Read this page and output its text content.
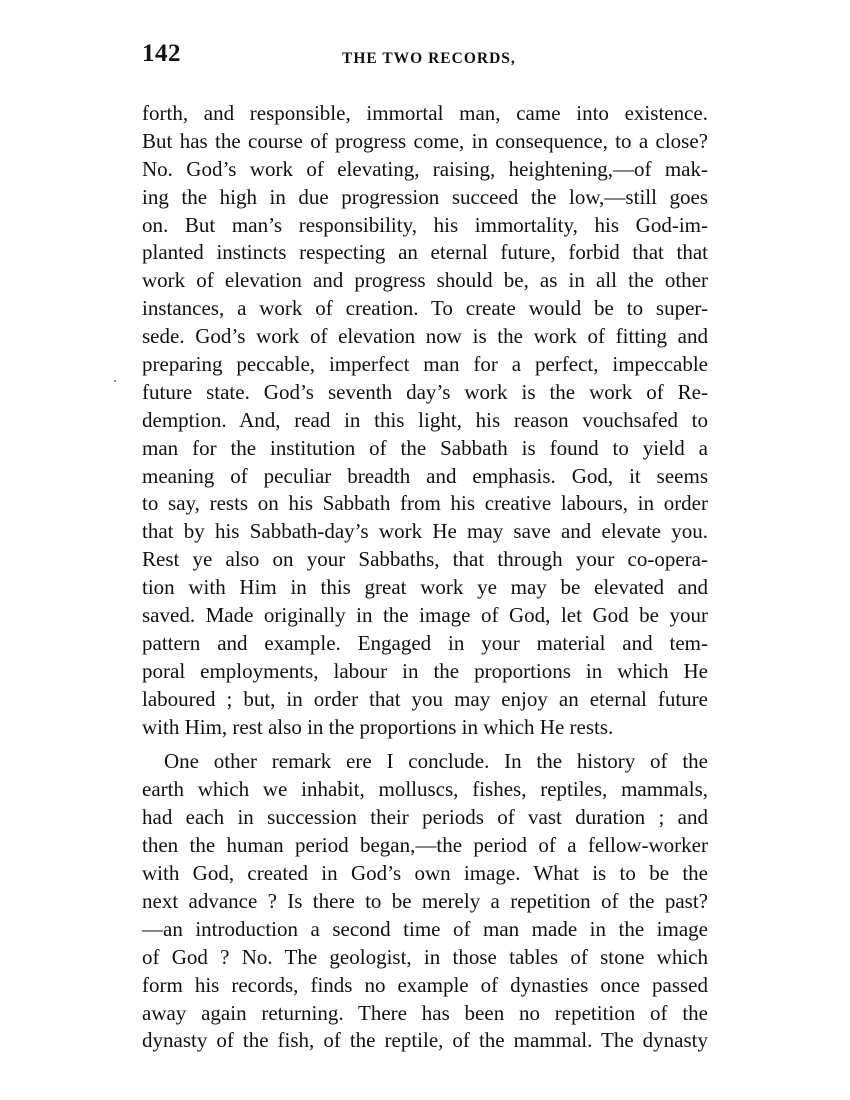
142	THE TWO RECORDS,
forth, and responsible, immortal man, came into existence.
But has the course of progress come, in consequence, to a close?
No. God’s work of elevating, raising, heightening,—of mak-
ing the high in due progression succeed the low,—still goes
on. But man’s responsibility, his immortality, his God-im-
planted instincts respecting an eternal future, forbid that that
work of elevation and progress should be, as in all the other
instances, a work of creation. To create would be to super-
sede. God’s work of elevation now is the work of fitting and
preparing peccable, imperfect man for a perfect, impeccable
future state. God’s seventh day’s work is the work of Re-
demption. And, read in this light, his reason vouchsafed to
man for the institution of the Sabbath is found to yield a
meaning of peculiar breadth and emphasis. God, it seems
to say, rests on his Sabbath from his creative labours, in order
that by his Sabbath-day’s work He may save and elevate you.
Rest ye also on your Sabbaths, that through your co-opera-
tion with Him in this great work ye may be elevated and
saved. Made originally in the image of God, let God be your
pattern and example. Engaged in your material and tem-
poral employments, labour in the proportions in which He
laboured ; but, in order that you may enjoy an eternal future
with Him, rest also in the proportions in which He rests.
One other remark ere I conclude. In the history of the
earth which we inhabit, molluscs, fishes, reptiles, mammals,
had each in succession their periods of vast duration ; and
then the human period began,—the period of a fellow-worker
with God, created in God’s own image. What is to be the
next advance ? Is there to be merely a repetition of the past?
—an introduction a second time of man made in the image
of God ? No. The geologist, in those tables of stone which
form his records, finds no example of dynasties once passed
away again returning. There has been no repetition of the
dynasty of the fish, of the reptile, of the mammal. The dynasty
